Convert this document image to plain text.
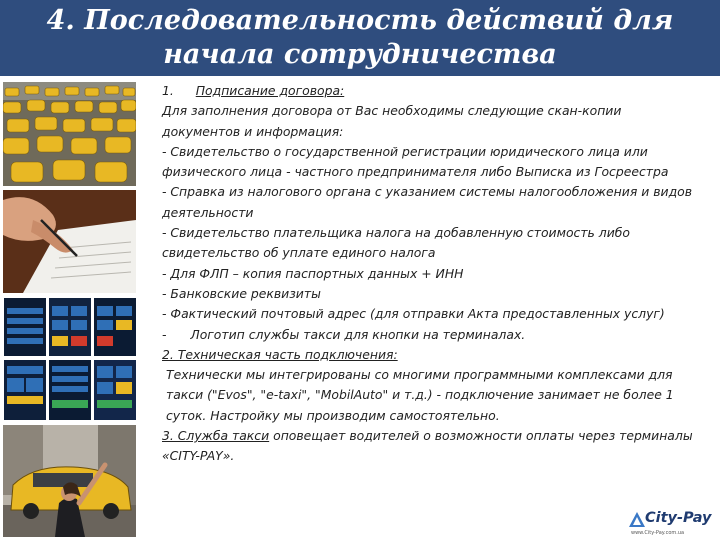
4. Последовательность действий для
начала сотрудничества

1. Подписание договора:

Для заполнения договора от Вас необходимы следующие скан-копии документов и информация:

- Свидетельство о государственной регистрации юридического лица или физического лица - частного предпринимателя либо Выписка из Госреестра

- Справка из налогового органа с указанием системы налогообложения и видов деятельности

- Свидетельство плательщика налога на добавленную стоимость либо свидетельство об уплате единого налога

- Для ФЛП – копия паспортных данных + ИНН

- Банковские реквизиты

- Фактический почтовый адрес (для отправки Акта предоставленных услуг)

- Логотип службы такси для кнопки на терминалах.

2. Техническая часть подключения:

Технически мы интегрированы со многими программными комплексами для такси ("Evos", "e-taxi", "MobilAuto" и т.д.) - подключение занимает не более 1 суток. Настройку мы производим самостоятельно.

3. Служба такси оповещает водителей о возможности оплаты через терминалы «CITY-PAY».

City-Pay
www.City-Pay.com.ua
